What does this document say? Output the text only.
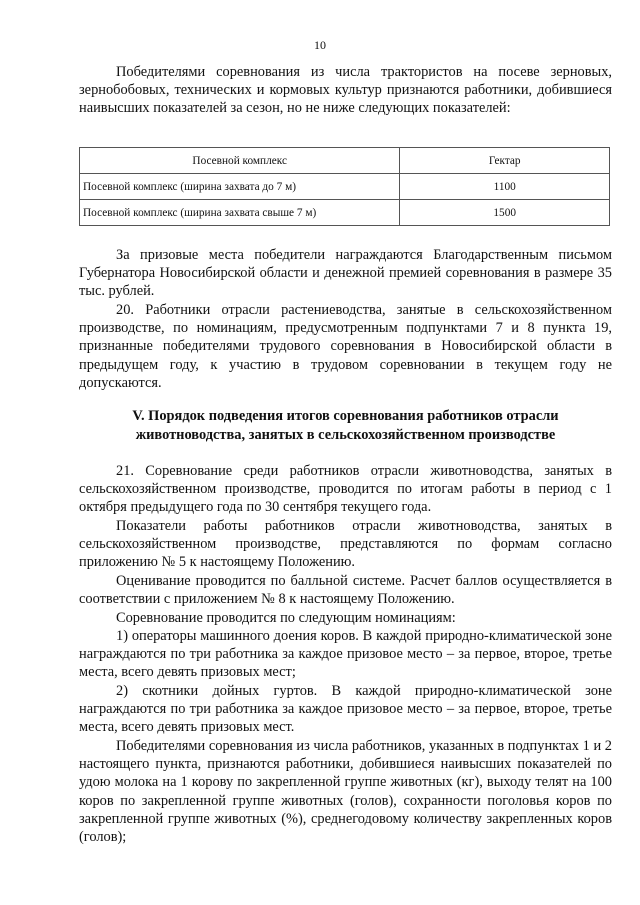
10

Победителями соревнования из числа трактористов на посеве зерновых, зернобобовых, технических и кормовых культур признаются работники, добившиеся наивысших показателей за сезон, но не ниже следующих показателей:

Посевной комплекс	Гектар
Посевной комплекс (ширина захвата до 7 м)	1100
Посевной комплекс (ширина захвата свыше 7 м)	1500

За призовые места победители награждаются Благодарственным письмом Губернатора Новосибирской области и денежной премией соревнования в размере 35 тыс. рублей.

20. Работники отрасли растениеводства, занятые в сельскохозяйственном производстве, по номинациям, предусмотренным подпунктами 7 и 8 пункта 19, признанные победителями трудового соревнования в Новосибирской области в предыдущем году, к участию в трудовом соревновании в текущем году не допускаются.

V. Порядок подведения итогов соревнования работников отрасли
животноводства, занятых в сельскохозяйственном производстве

21. Соревнование среди работников отрасли животноводства, занятых в сельскохозяйственном производстве, проводится по итогам работы в период с 1 октября предыдущего года по 30 сентября текущего года.

Показатели работы работников отрасли животноводства, занятых в сельскохозяйственном производстве, представляются по формам согласно приложению № 5 к настоящему Положению.

Оценивание проводится по балльной системе. Расчет баллов осуществляется в соответствии с приложением № 8 к настоящему Положению.

Соревнование проводится по следующим номинациям:

1) операторы машинного доения коров. В каждой природно-климатической зоне награждаются по три работника за каждое призовое место – за первое, второе, третье места, всего девять призовых мест;

2) скотники дойных гуртов. В каждой природно-климатической зоне награждаются по три работника за каждое призовое место – за первое, второе, третье места, всего девять призовых мест.

Победителями соревнования из числа работников, указанных в подпунктах 1 и 2 настоящего пункта, признаются работники, добившиеся наивысших показателей по удою молока на 1 корову по закрепленной группе животных (кг), выходу телят на 100 коров по закрепленной группе животных (голов), сохранности поголовья коров по закрепленной группе животных (%), среднегодовому количеству закрепленных коров (голов);
